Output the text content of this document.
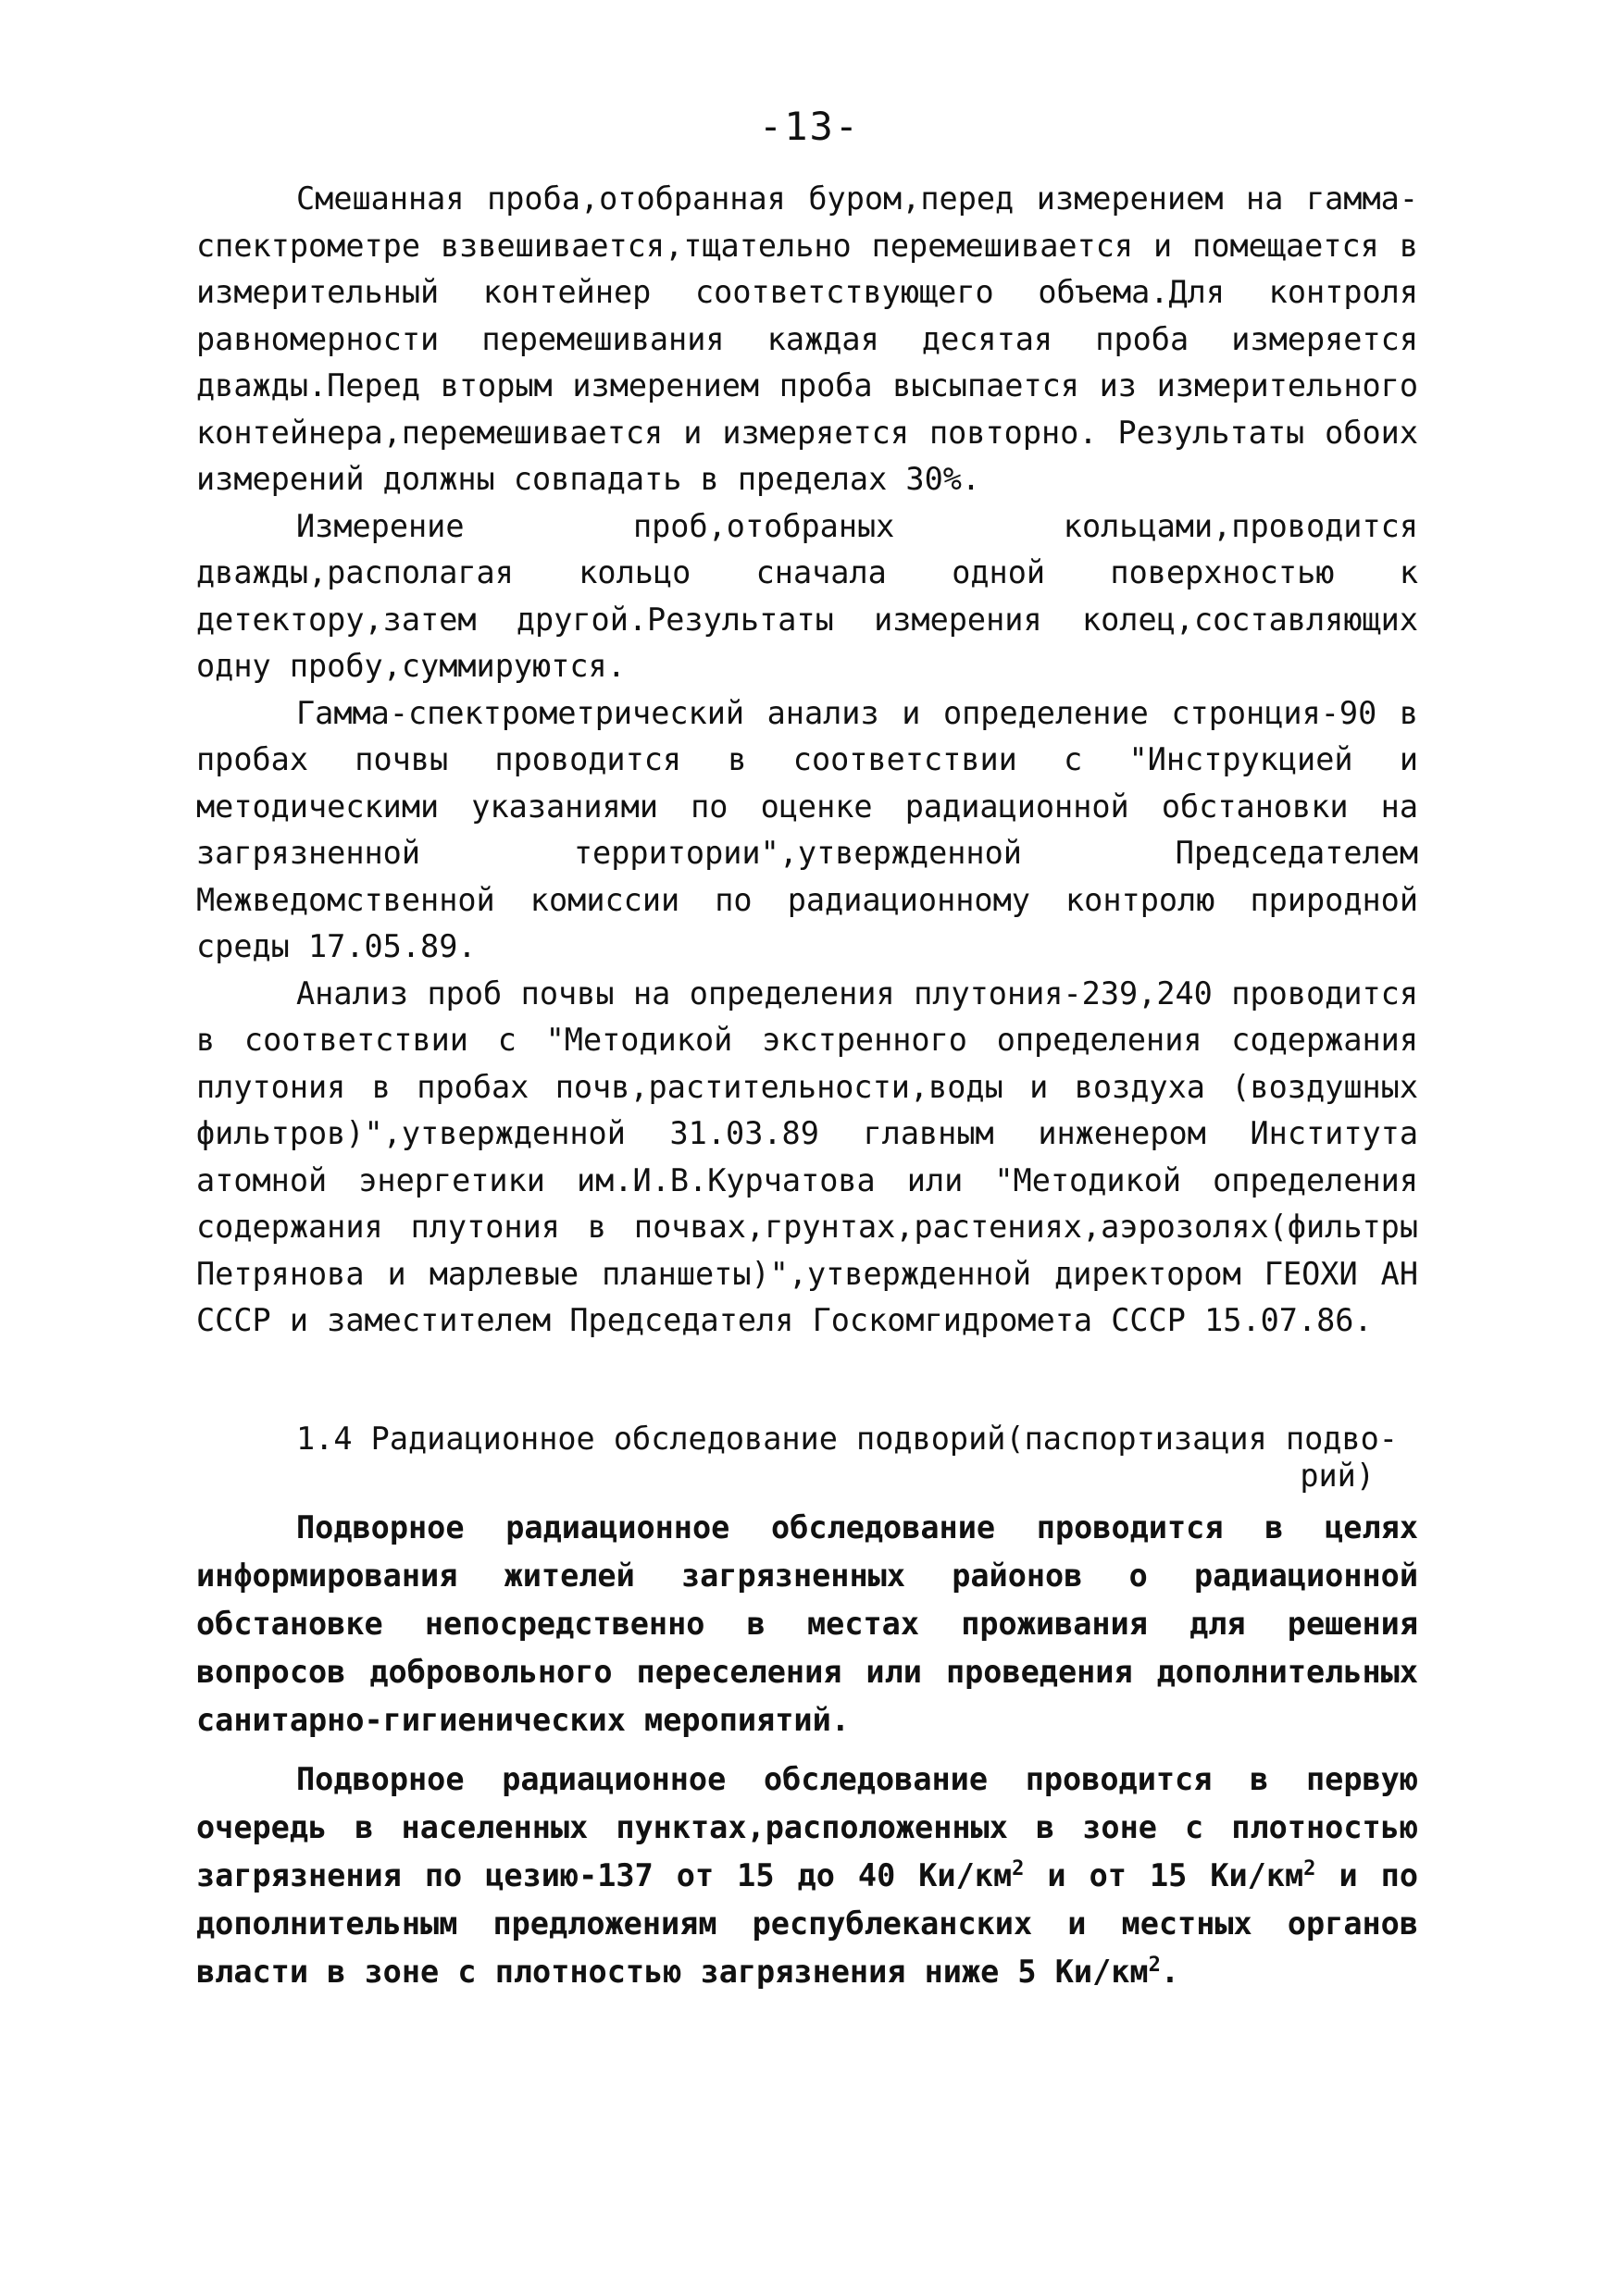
-13-

Смешанная проба,отобранная буром,перед измерением на гамма-спектрометре взвешивается,тщательно перемешивается и помещается в измерительный контейнер соответствующего объема.Для контроля равномерности перемешивания каждая десятая проба измеряется дважды.Перед вторым измерением проба высыпается из измерительного контейнера,перемешивается и измеряется повторно. Результаты обоих измерений должны совпадать в пределах 30%.

Измерение проб,отобраных кольцами,проводится дважды,располагая кольцо сначала одной поверхностью к детектору,затем другой.Результаты измерения колец,составляющих одну пробу,суммируются.

Гамма-спектрометрический анализ и определение стронция-90 в пробах почвы проводится в соответствии с "Инструкцией и методическими указаниями по оценке радиационной обстановки на загрязненной территории",утвержденной Председателем Межведомственной комиссии по радиационному контролю природной среды 17.05.89.

Анализ проб почвы на определения плутония-239,240 проводится в соответствии с "Методикой экстренного определения содержания плутония в пробах почв,растительности,воды и воздуха (воздушных фильтров)",утвержденной 31.03.89 главным инженером Института атомной энергетики им.И.В.Курчатова или "Методикой определения содержания плутония в почвах,грунтах,растениях,аэрозолях(фильтры Петрянова и марлевые планшеты)",утвержденной директором ГЕОХИ АН СССР и заместителем Председателя Госкомгидромета СССР 15.07.86.

1.4 Радиационное обследование подворий(паспортизация подво-
рий)

Подворное радиационное обследование проводится в целях информирования жителей загрязненных районов о радиационной обстановке непосредственно в местах проживания для решения вопросов добровольного переселения или проведения дополнительных санитарно-гигиенических меропиятий.

Подворное радиационное обследование проводится в первую очередь в населенных пунктах,расположенных в зоне с плотностью загрязнения по цезию-137 от 15 до 40 $Ки/км^2$ и от 15 $Ки/км^2$ и по дополнительным предложениям республеканских и местных органов власти в зоне с плотностью загрязнения ниже 5 $Ки/км^2$.
